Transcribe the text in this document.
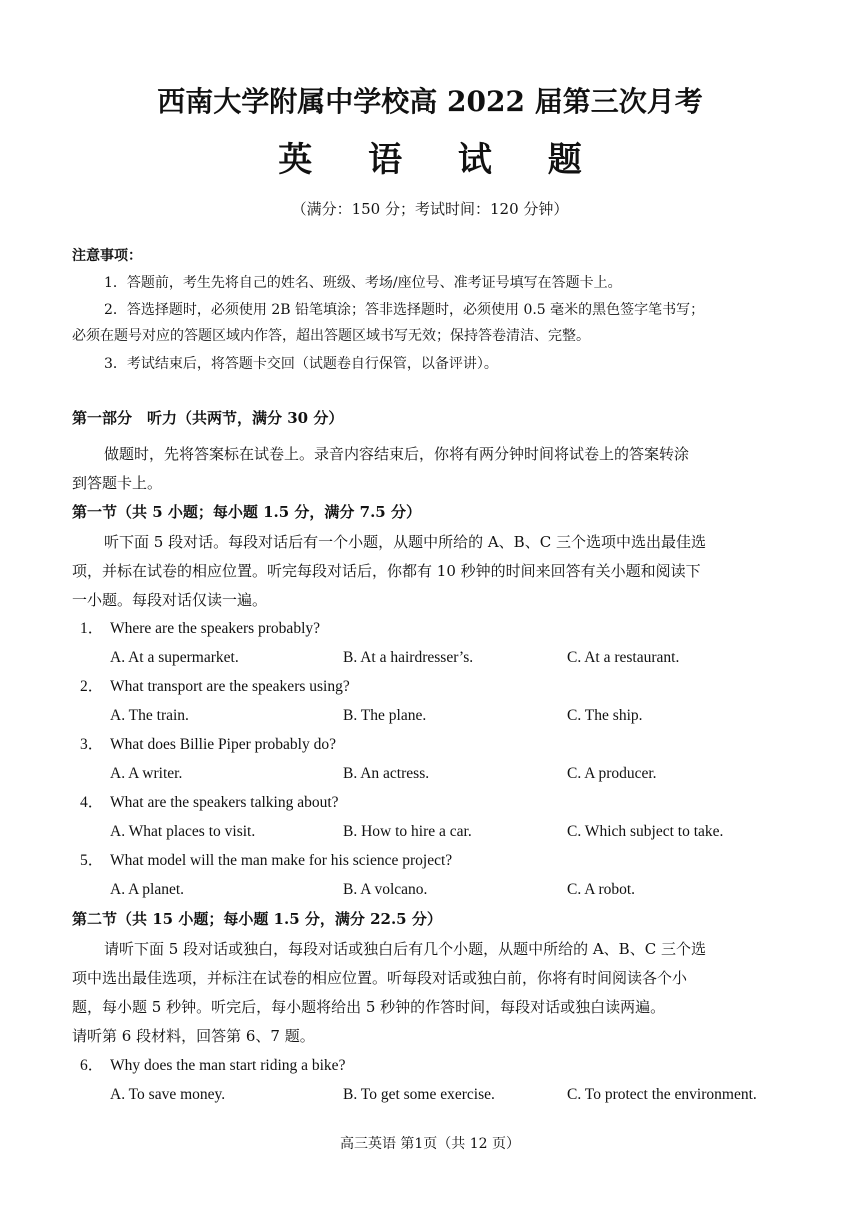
西南大学附属中学校高 2022 届第三次月考
英 语 试 题
（满分：150 分；考试时间：120 分钟）
注意事项：
1．答题前，考生先将自己的姓名、班级、考场/座位号、准考证号填写在答题卡上。
2．答选择题时，必须使用 2B 铅笔填涂；答非选择题时，必须使用 0.5 毫米的黑色签字笔书写；
必须在题号对应的答题区域内作答，超出答题区域书写无效；保持答卷清洁、完整。
3．考试结束后，将答题卡交回（试题卷自行保管，以备评讲）。
第一部分　听力（共两节，满分 30 分）
做题时，先将答案标在试卷上。录音内容结束后，你将有两分钟时间将试卷上的答案转涂
到答题卡上。
第一节（共 5 小题；每小题 1.5 分，满分 7.5 分）
听下面 5 段对话。每段对话后有一个小题，从题中所给的 A、B、C 三个选项中选出最佳选
项，并标在试卷的相应位置。听完每段对话后，你都有 10 秒钟的时间来回答有关小题和阅读下
一小题。每段对话仅读一遍。
1． Where are the speakers probably?
A. At a supermarket.	B. At a hairdresser’s.	C. At a restaurant.
2． What transport are the speakers using?
A. The train.	B. The plane.	C. The ship.
3． What does Billie Piper probably do?
A. A writer.	B. An actress.	C. A producer.
4． What are the speakers talking about?
A. What places to visit.	B. How to hire a car.	C. Which subject to take.
5． What model will the man make for his science project?
A. A planet.	B. A volcano.	C. A robot.
第二节（共 15 小题；每小题 1.5 分，满分 22.5 分）
请听下面 5 段对话或独白，每段对话或独白后有几个小题，从题中所给的 A、B、C 三个选
项中选出最佳选项，并标注在试卷的相应位置。听每段对话或独白前，你将有时间阅读各个小
题，每小题 5 秒钟。听完后，每小题将给出 5 秒钟的作答时间，每段对话或独白读两遍。
请听第 6 段材料，回答第 6、7 题。
6． Why does the man start riding a bike?
A. To save money.	B. To get some exercise.	C. To protect the environment.
高三英语 第1页（共 12 页）
